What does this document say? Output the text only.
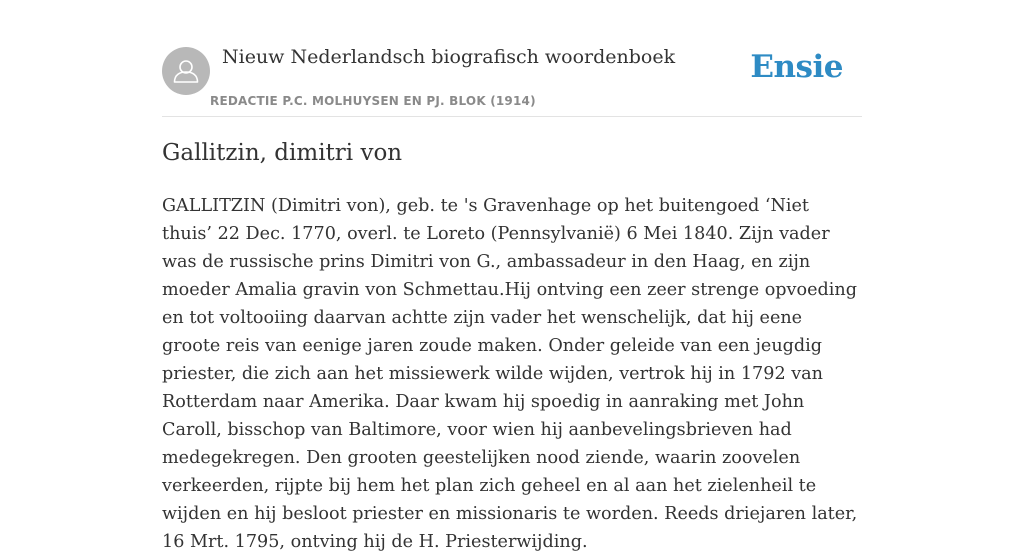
Nieuw Nederlandsch biografisch woordenboek
REDACTIE P.C. MOLHUYSEN EN PJ. BLOK (1914)
Ensie
Gallitzin, dimitri von

GALLITZIN (Dimitri von), geb. te 's Gravenhage op het buitengoed ‘Niet thuis’ 22 Dec. 1770, overl. te Loreto (Pennsylvanië) 6 Mei 1840. Zijn vader was de russische prins Dimitri von G., ambassadeur in den Haag, en zijn moeder Amalia gravin von Schmettau.Hij ontving een zeer strenge opvoeding en tot voltooiing daarvan achtte zijn vader het wenschelijk, dat hij eene groote reis van eenige jaren zoude maken. Onder geleide van een jeugdig priester, die zich aan het missiewerk wilde wijden, vertrok hij in 1792 van Rotterdam naar Amerika. Daar kwam hij spoedig in aanraking met John Caroll, bisschop van Baltimore, voor wien hij aanbevelingsbrieven had medegekregen. Den grooten geestelijken nood ziende, waarin zoovelen verkeerden, rijpte bij hem het plan zich geheel en al aan het zielenheil te wijden en hij besloot priester en missionaris te worden. Reeds driejaren later, 16 Mrt. 1795, ontving hij de H. Priesterwijding.
